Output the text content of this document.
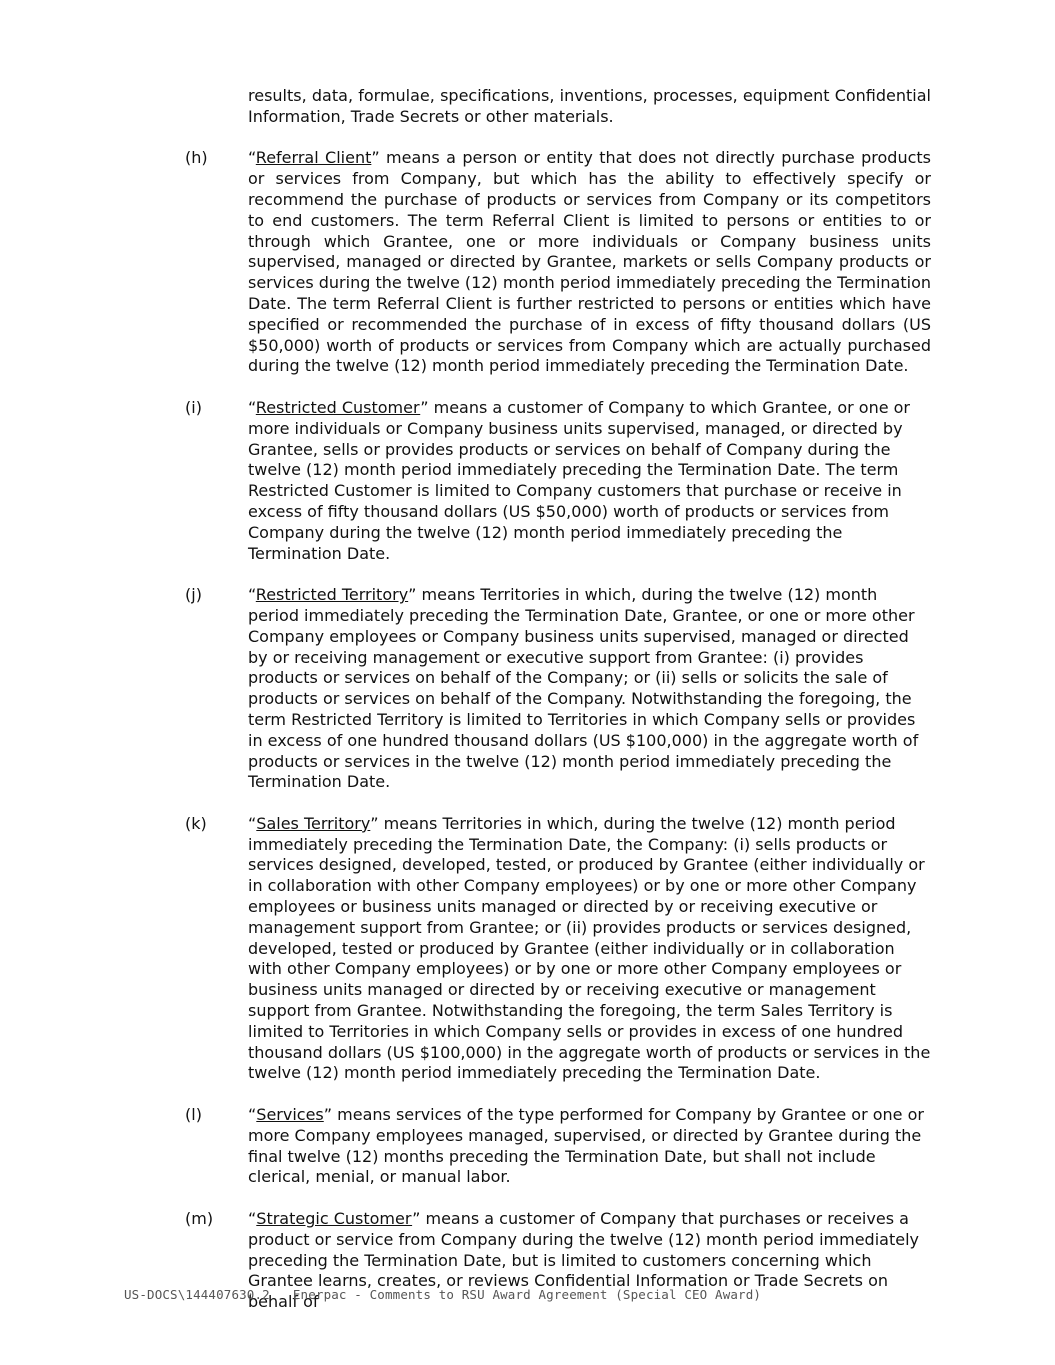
results, data, formulae, specifications, inventions, processes, equipment Confidential Information, Trade Secrets or other materials.

(h)	“Referral Client” means a person or entity that does not directly purchase products or services from Company, but which has the ability to effectively specify or recommend the purchase of products or services from Company or its competitors to end customers. The term Referral Client is limited to persons or entities to or through which Grantee, one or more individuals or Company business units supervised, managed or directed by Grantee, markets or sells Company products or services during the twelve (12) month period immediately preceding the Termination Date. The term Referral Client is further restricted to persons or entities which have specified or recommended the purchase of in excess of fifty thousand dollars (US $50,000) worth of products or services from Company which are actually purchased during the twelve (12) month period immediately preceding the Termination Date.

(i)	“Restricted Customer” means a customer of Company to which Grantee, or one or more individuals or Company business units supervised, managed, or directed by Grantee, sells or provides products or services on behalf of Company during the twelve (12) month period immediately preceding the Termination Date. The term Restricted Customer is limited to Company customers that purchase or receive in excess of fifty thousand dollars (US $50,000) worth of products or services from Company during the twelve (12) month period immediately preceding the Termination Date.

(j)	“Restricted Territory” means Territories in which, during the twelve (12) month period immediately preceding the Termination Date, Grantee, or one or more other Company employees or Company business units supervised, managed or directed by or receiving management or executive support from Grantee: (i) provides products or services on behalf of the Company; or (ii) sells or solicits the sale of products or services on behalf of the Company. Notwithstanding the foregoing, the term Restricted Territory is limited to Territories in which Company sells or provides in excess of one hundred thousand dollars (US $100,000) in the aggregate worth of products or services in the twelve (12) month period immediately preceding the Termination Date.

(k)	“Sales Territory” means Territories in which, during the twelve (12) month period immediately preceding the Termination Date, the Company: (i) sells products or services designed, developed, tested, or produced by Grantee (either individually or in collaboration with other Company employees) or by one or more other Company employees or business units managed or directed by or receiving executive or management support from Grantee; or (ii) provides products or services designed, developed, tested or produced by Grantee (either individually or in collaboration with other Company employees) or by one or more other Company employees or business units managed or directed by or receiving executive or management support from Grantee. Notwithstanding the foregoing, the term Sales Territory is limited to Territories in which Company sells or provides in excess of one hundred thousand dollars (US $100,000) in the aggregate worth of products or services in the twelve (12) month period immediately preceding the Termination Date.

(l)	“Services” means services of the type performed for Company by Grantee or one or more Company employees managed, supervised, or directed by Grantee during the final twelve (12) months preceding the Termination Date, but shall not include clerical, menial, or manual labor.

(m)	“Strategic Customer” means a customer of Company that purchases or receives a product or service from Company during the twelve (12) month period immediately preceding the Termination Date, but is limited to customers concerning which Grantee learns, creates, or reviews Confidential Information or Trade Secrets on behalf of

US-DOCS\144407630.2 Enerpac - Comments to RSU Award Agreement (Special CEO Award)
